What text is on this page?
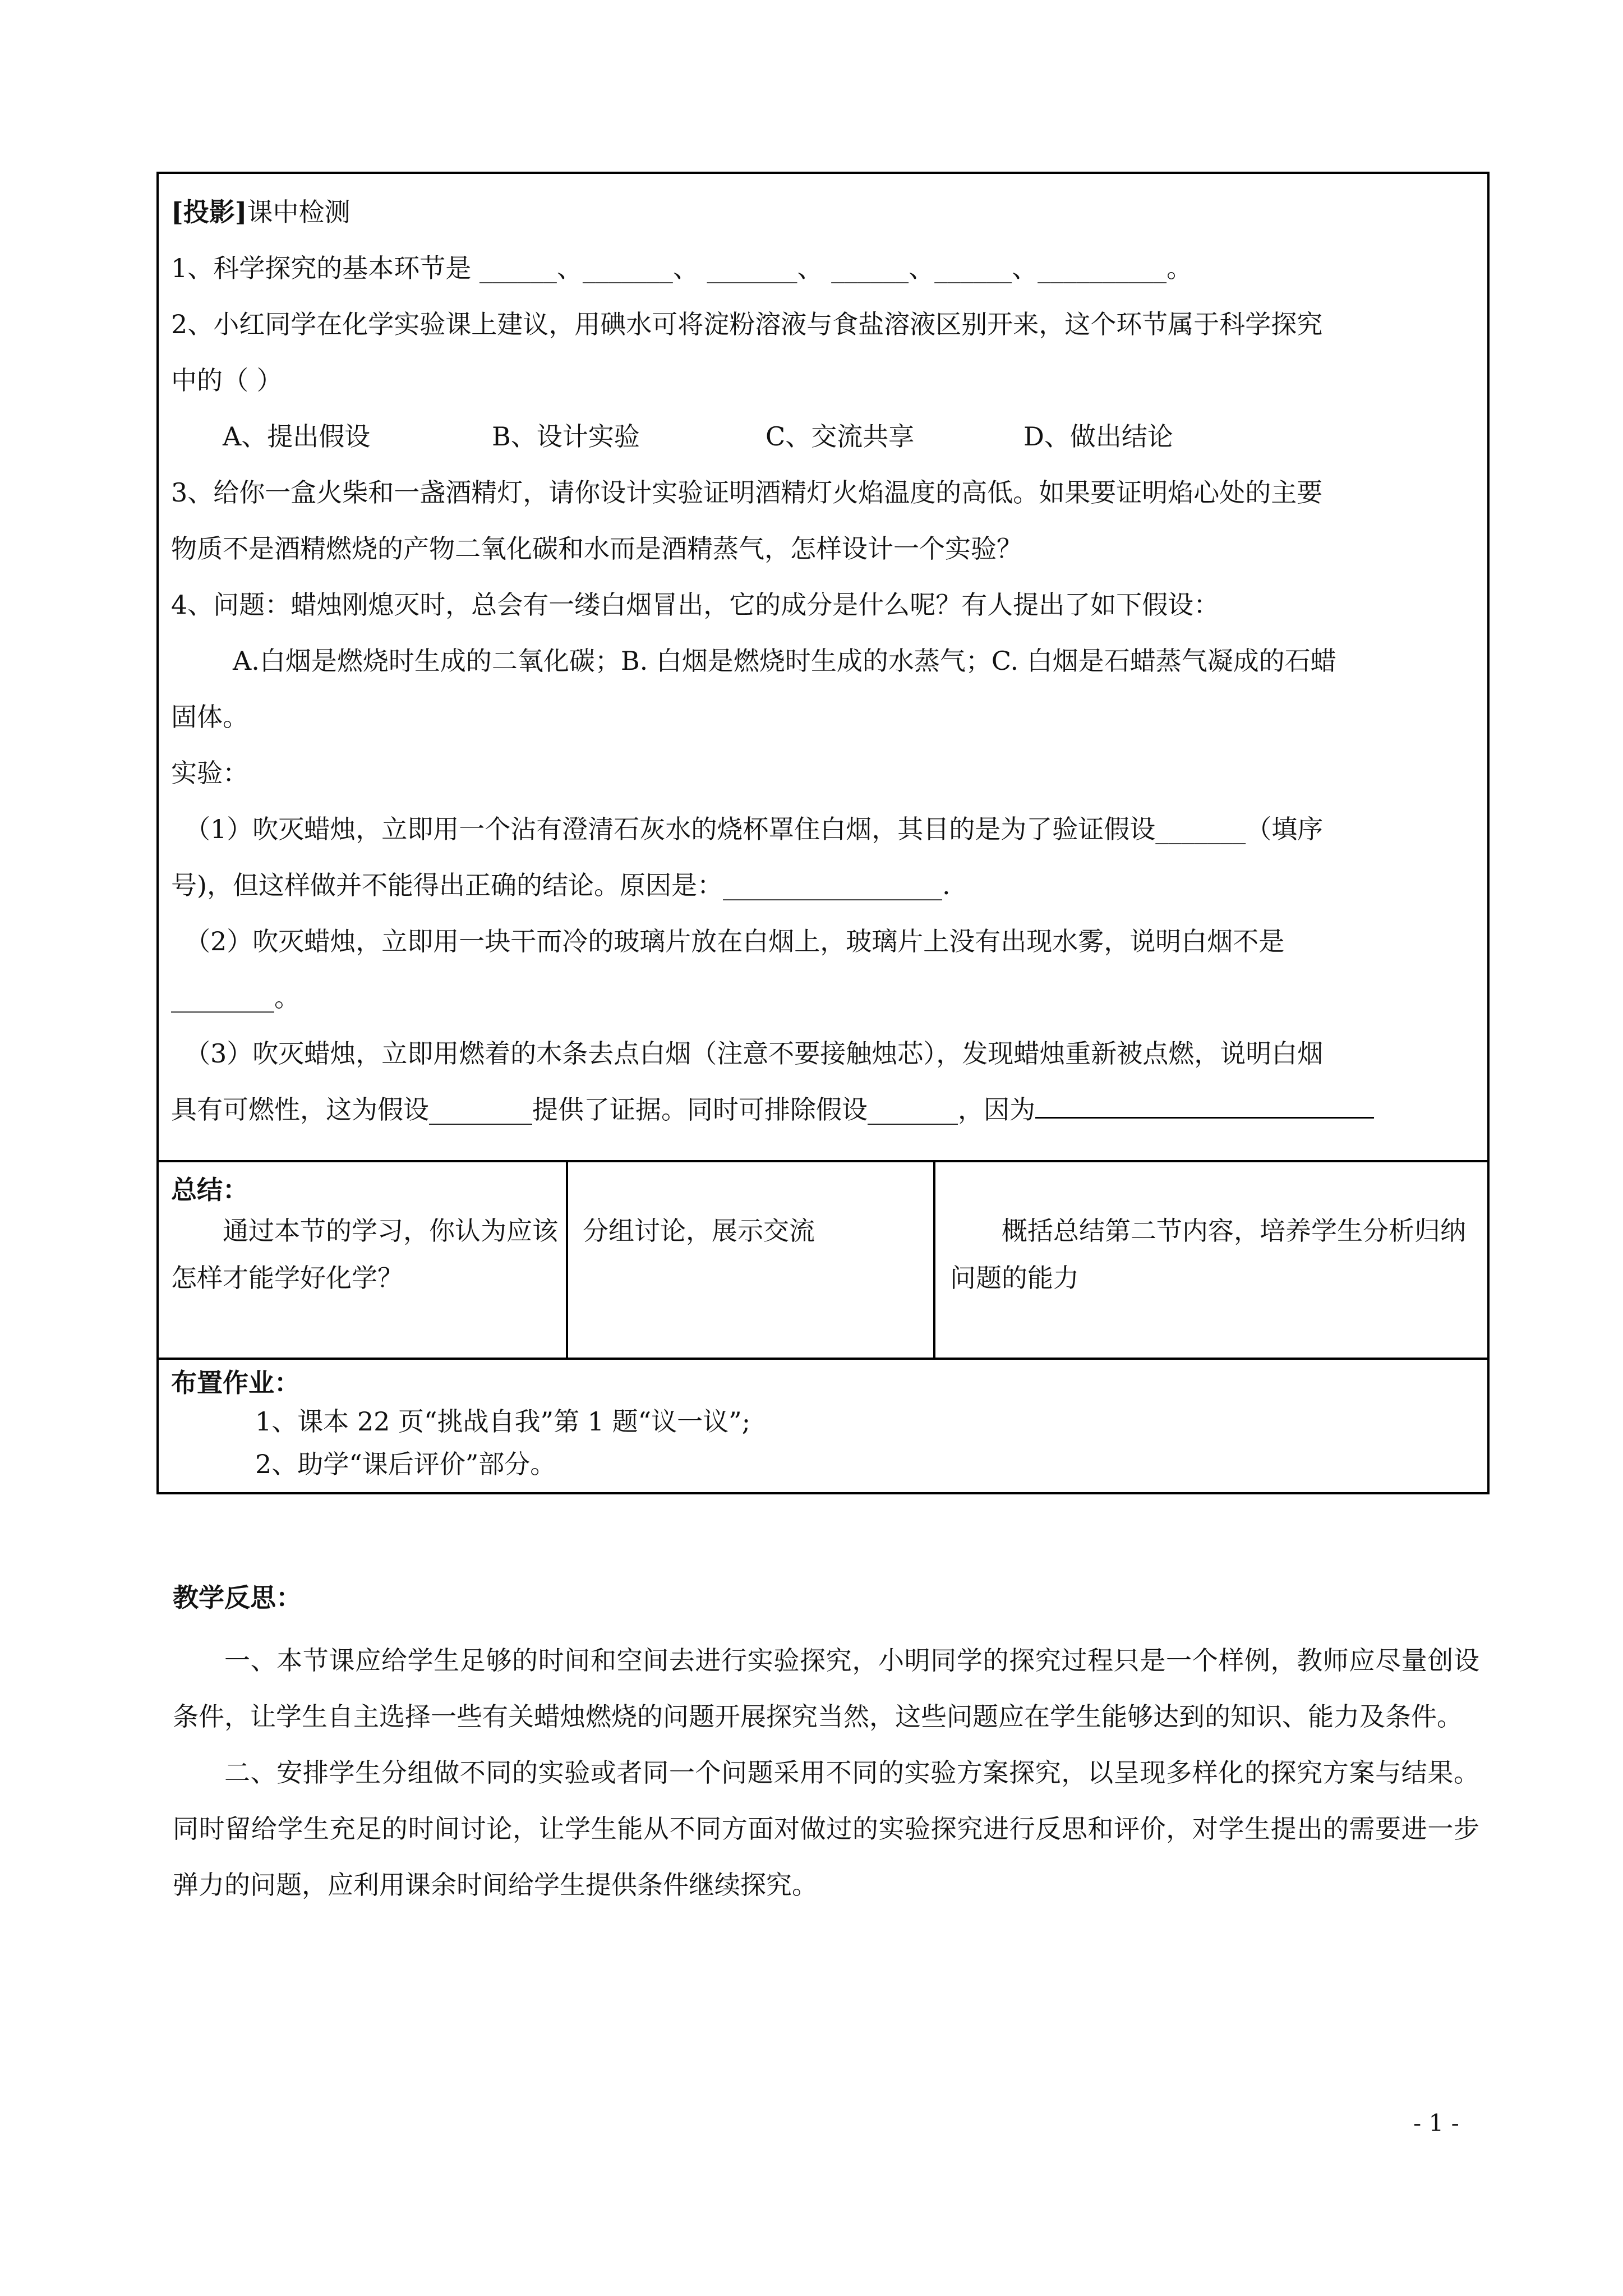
[投影]课中检测
1、科学探究的基本环节是 ______、_______、 _______、 ______、______、__________。
2、小红同学在化学实验课上建议，用碘水可将淀粉溶液与食盐溶液区别开来，这个环节属于科学探究
中的（ ）
A、提出假设	B、设计实验	C、交流共享	D、做出结论
3、给你一盒火柴和一盏酒精灯，请你设计实验证明酒精灯火焰温度的高低。如果要证明焰心处的主要
物质不是酒精燃烧的产物二氧化碳和水而是酒精蒸气，怎样设计一个实验？
4、问题：蜡烛刚熄灭时，总会有一缕白烟冒出，它的成分是什么呢？有人提出了如下假设：
A.白烟是燃烧时生成的二氧化碳；B. 白烟是燃烧时生成的水蒸气；C. 白烟是石蜡蒸气凝成的石蜡
固体。
实验：
（1）吹灭蜡烛，立即用一个沾有澄清石灰水的烧杯罩住白烟，其目的是为了验证假设_______（填序
号)，但这样做并不能得出正确的结论。原因是：_________________.
（2）吹灭蜡烛，立即用一块干而冷的玻璃片放在白烟上，玻璃片上没有出现水雾，说明白烟不是
________。
（3）吹灭蜡烛，立即用燃着的木条去点白烟（注意不要接触烛芯），发现蜡烛重新被点燃，说明白烟
具有可燃性，这为假设________提供了证据。同时可排除假设_______，因为

总结：
通过本节的学习，你认为应该怎样才能学好化学？

分组讨论，展示交流	概括总结第二节内容，培养学生分析归纳问题的能力

布置作业：
1、课本 22 页“挑战自我”第 1 题“议一议”;
2、助学“课后评价”部分。
教学反思：

一、本节课应给学生足够的时间和空间去进行实验探究，小明同学的探究过程只是一个样例，教师应尽量创设条件，让学生自主选择一些有关蜡烛燃烧的问题开展探究当然，这些问题应在学生能够达到的知识、能力及条件。

二、安排学生分组做不同的实验或者同一个问题采用不同的实验方案探究，以呈现多样化的探究方案与结果。同时留给学生充足的时间讨论，让学生能从不同方面对做过的实验探究进行反思和评价，对学生提出的需要进一步弹力的问题，应利用课余时间给学生提供条件继续探究。

- 1 -
